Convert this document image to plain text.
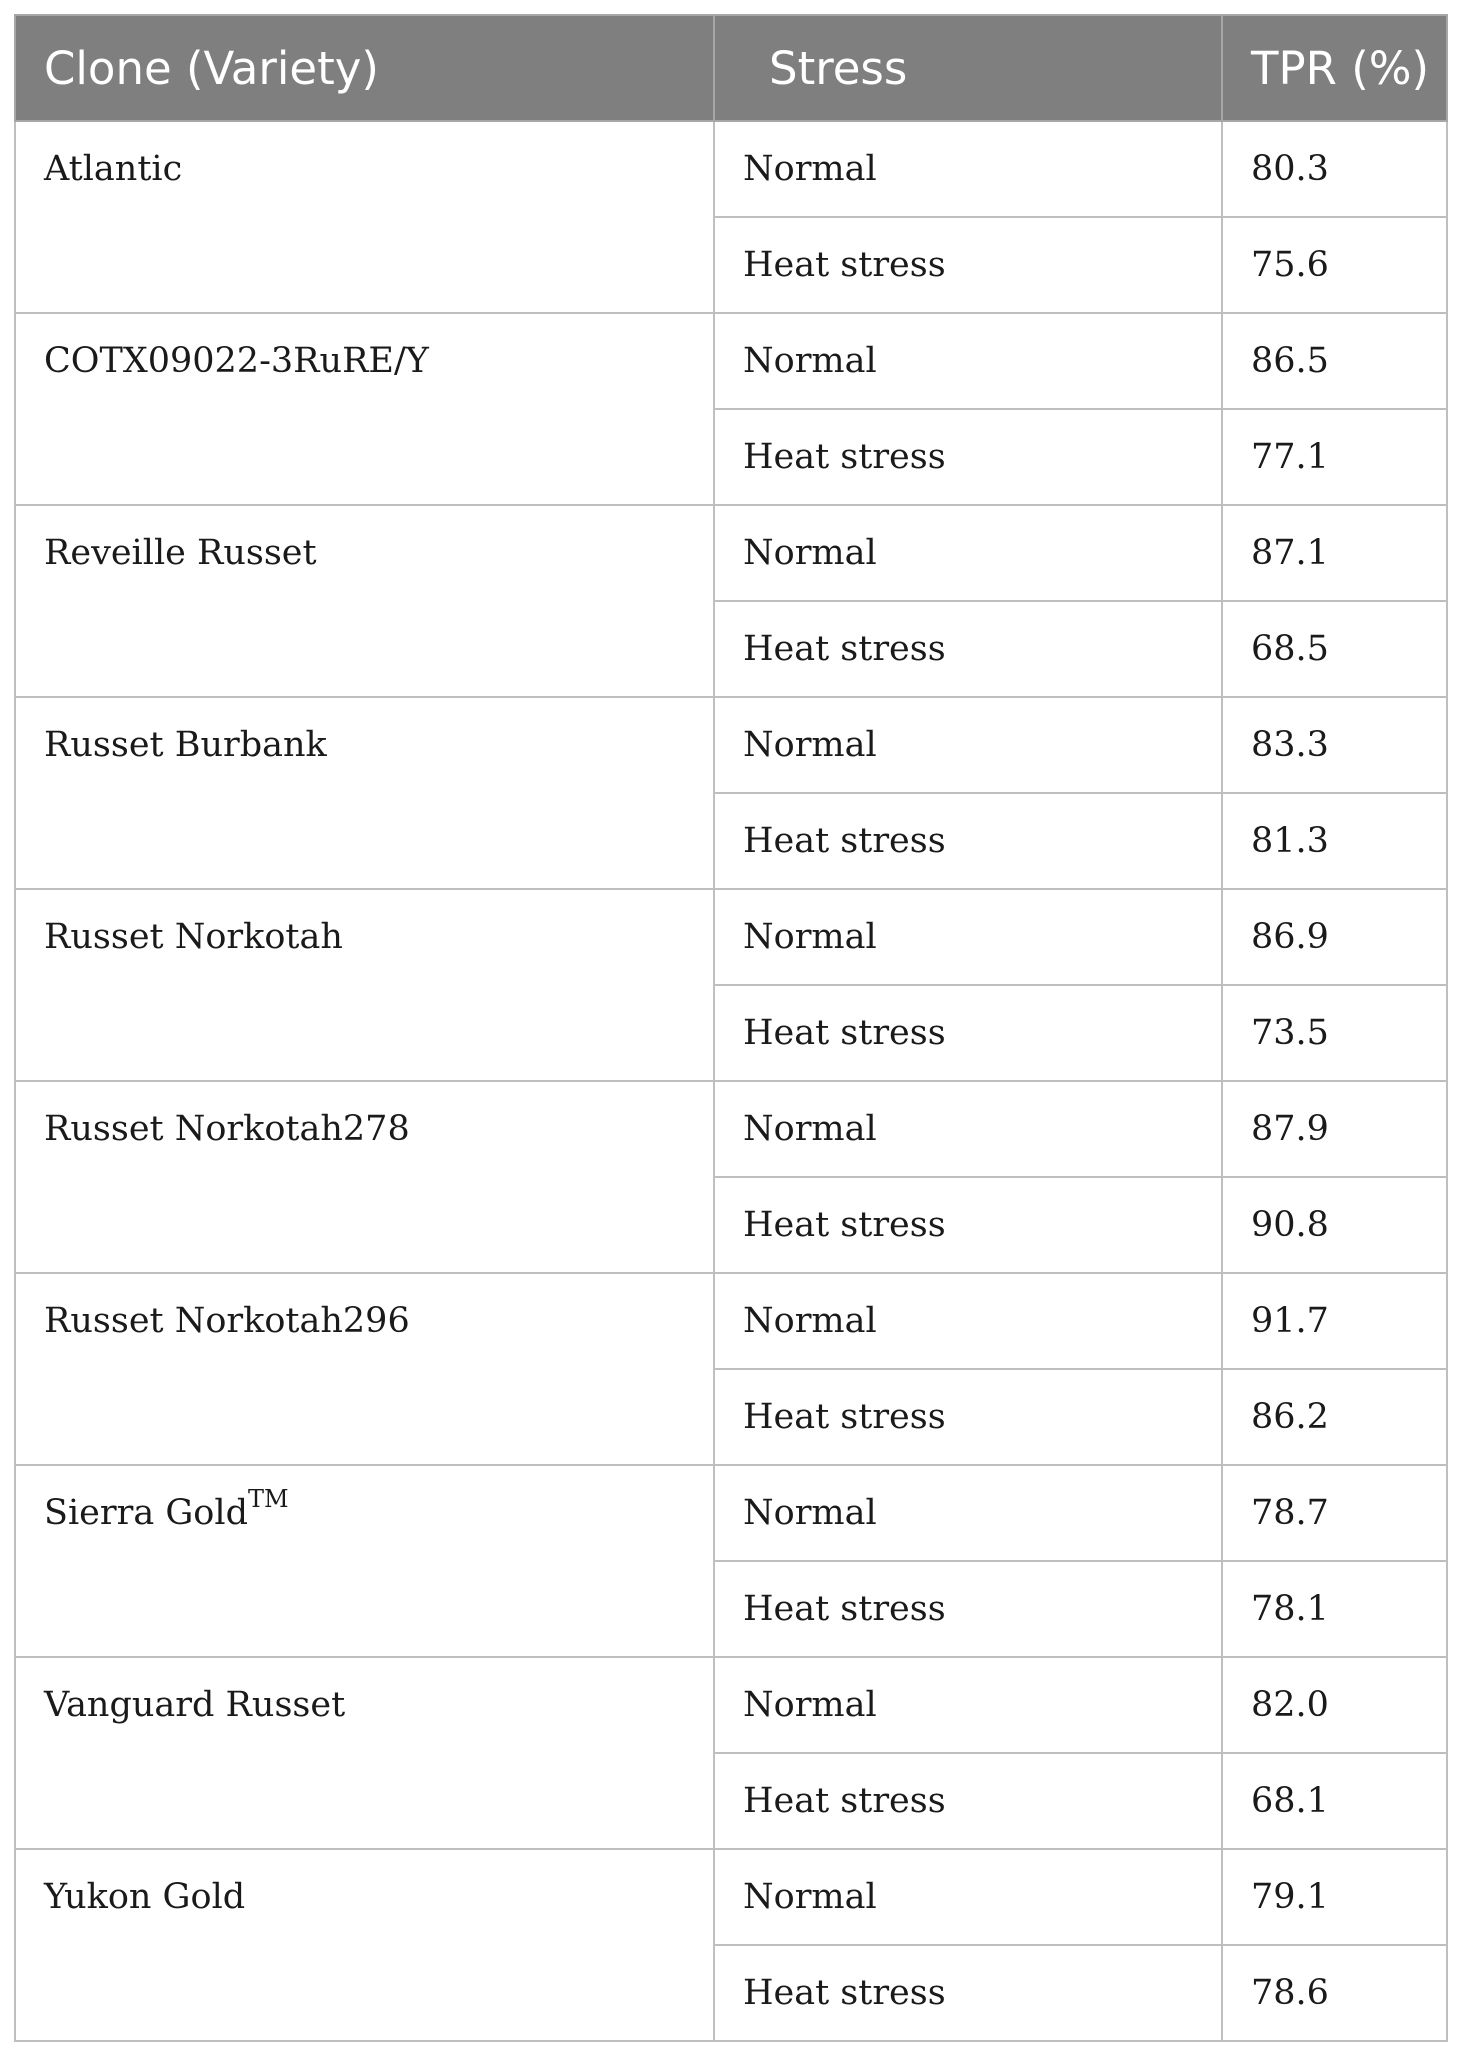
Clone (Variety)	Stress	TPR (%)
Atlantic	Normal	80.3
	Heat stress	75.6
COTX09022-3RuRE/Y	Normal	86.5
	Heat stress	77.1
Reveille Russet	Normal	87.1
	Heat stress	68.5
Russet Burbank	Normal	83.3
	Heat stress	81.3
Russet Norkotah	Normal	86.9
	Heat stress	73.5
Russet Norkotah278	Normal	87.9
	Heat stress	90.8
Russet Norkotah296	Normal	91.7
	Heat stress	86.2
Sierra Gold™	Normal	78.7
	Heat stress	78.1
Vanguard Russet	Normal	82.0
	Heat stress	68.1
Yukon Gold	Normal	79.1
	Heat stress	78.6
